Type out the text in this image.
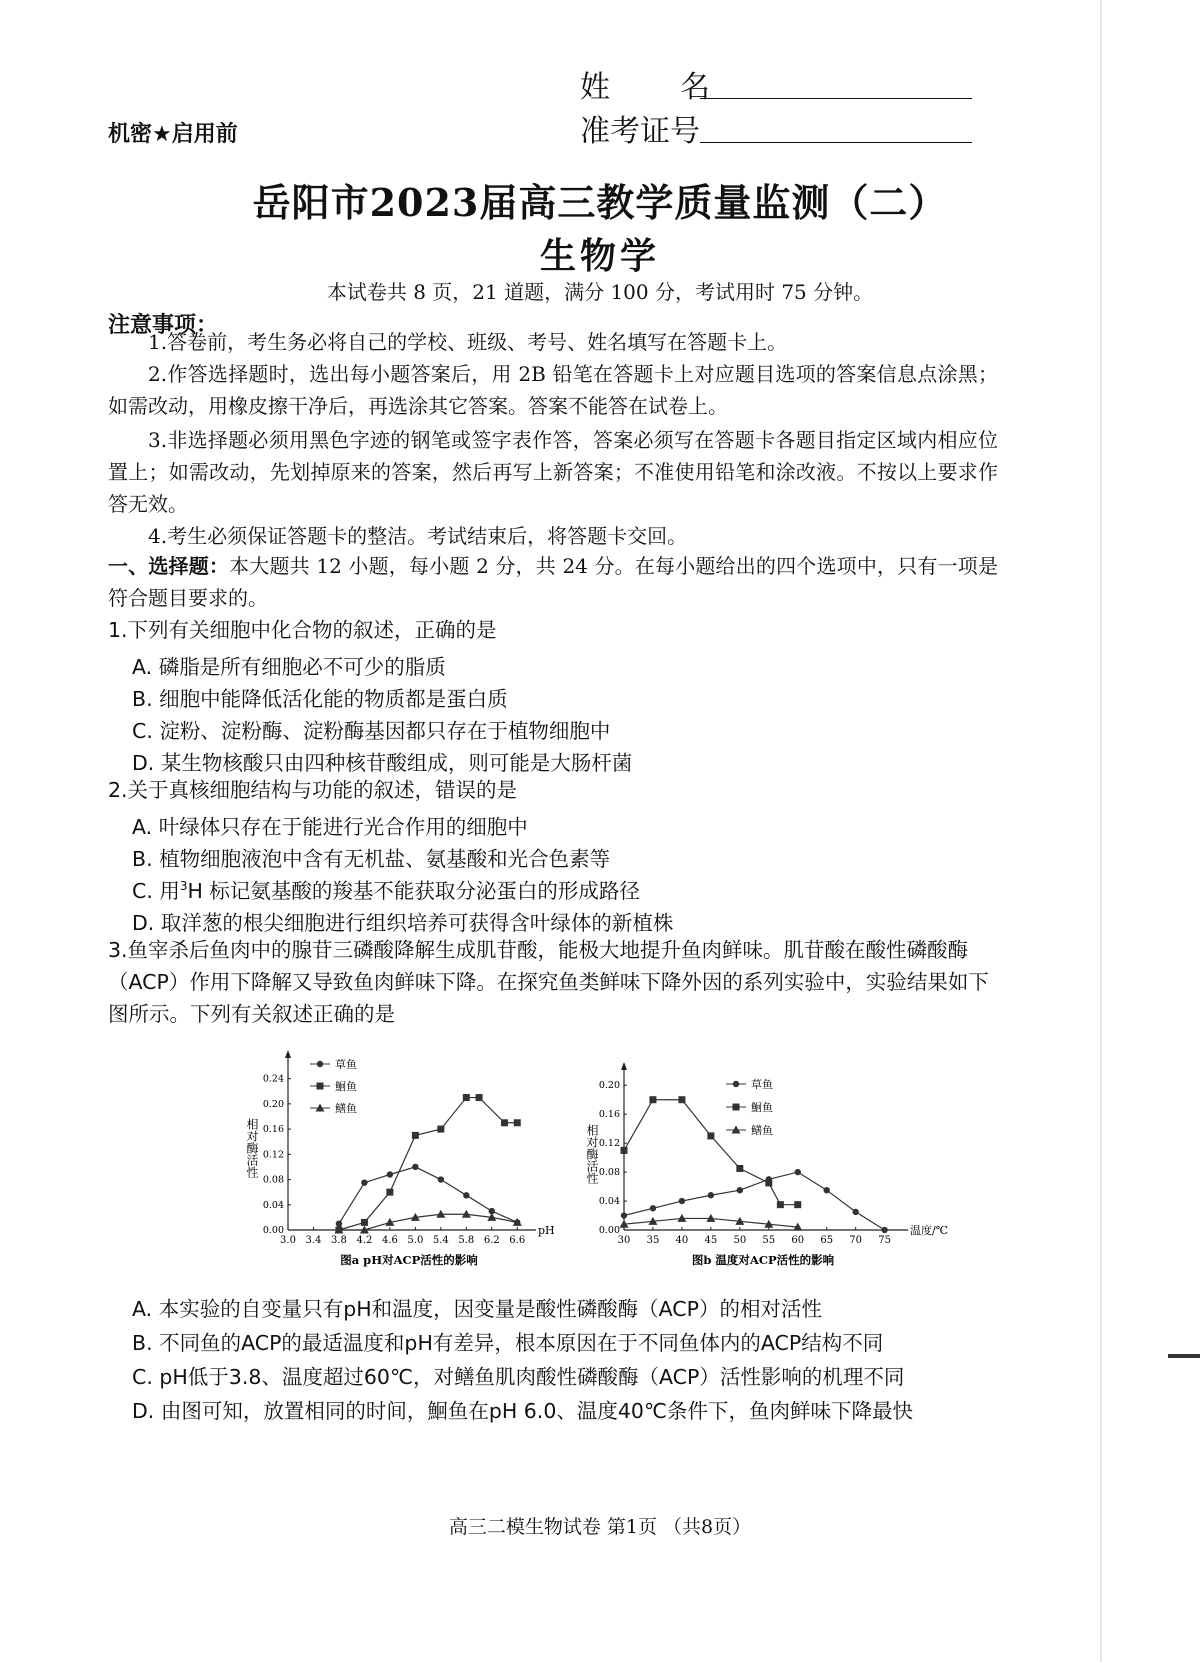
机密★启用前
姓　名
准考证号
岳阳市2023届高三教学质量监测（二）
生物学
本试卷共 8 页，21 道题，满分 100 分，考试用时 75 分钟。
注意事项：
1.答卷前，考生务必将自己的学校、班级、考号、姓名填写在答题卡上。
2.作答选择题时，选出每小题答案后，用 2B 铅笔在答题卡上对应题目选项的答案信息点涂黑；如需改动，用橡皮擦干净后，再选涂其它答案。答案不能答在试卷上。
3.非选择题必须用黑色字迹的钢笔或签字表作答，答案必须写在答题卡各题目指定区域内相应位置上；如需改动，先划掉原来的答案，然后再写上新答案；不准使用铅笔和涂改液。不按以上要求作答无效。
4.考生必须保证答题卡的整洁。考试结束后，将答题卡交回。
一、选择题：本大题共 12 小题，每小题 2 分，共 24 分。在每小题给出的四个选项中，只有一项是符合题目要求的。
1.下列有关细胞中化合物的叙述，正确的是
A. 磷脂是所有细胞必不可少的脂质
B. 细胞中能降低活化能的物质都是蛋白质
C. 淀粉、淀粉酶、淀粉酶基因都只存在于植物细胞中
D. 某生物核酸只由四种核苷酸组成，则可能是大肠杆菌
2.关于真核细胞结构与功能的叙述，错误的是
A. 叶绿体只存在于能进行光合作用的细胞中
B. 植物细胞液泡中含有无机盐、氨基酸和光合色素等
C. 用$^3$H 标记氨基酸的羧基不能获取分泌蛋白的形成路径
D. 取洋葱的根尖细胞进行组织培养可获得含叶绿体的新植株
3.鱼宰杀后鱼肉中的腺苷三磷酸降解生成肌苷酸，能极大地提升鱼肉鲜味。肌苷酸在酸性磷酸酶（ACP）作用下降解又导致鱼肉鲜味下降。在探究鱼类鲜味下降外因的系列实验中，实验结果如下图所示。下列有关叙述正确的是
3.0 3.4 3.8 4.2 4.6 5.0 5.4 5.8 6.2 6.6
0.00
0.04
0.08
0.12
0.16
0.20
0.24
pH
相对酶活性
图a pH对ACP活性的影响
草鱼
鮰鱼
鳝鱼
30 35 40 45 50 55 60 65 70 75
0.00
0.04
0.08
0.12
0.16
0.20
温度/℃
相对酶活性
图b 温度对ACP活性的影响
草鱼
鮰鱼
鳝鱼
A. 本实验的自变量只有pH和温度，因变量是酸性磷酸酶（ACP）的相对活性
B. 不同鱼的ACP的最适温度和pH有差异，根本原因在于不同鱼体内的ACP结构不同
C. pH低于3.8、温度超过60℃，对鳝鱼肌肉酸性磷酸酶（ACP）活性影响的机理不同
D. 由图可知，放置相同的时间，鮰鱼在pH 6.0、温度40℃条件下，鱼肉鲜味下降最快
高三二模生物试卷 第1页 （共8页）
